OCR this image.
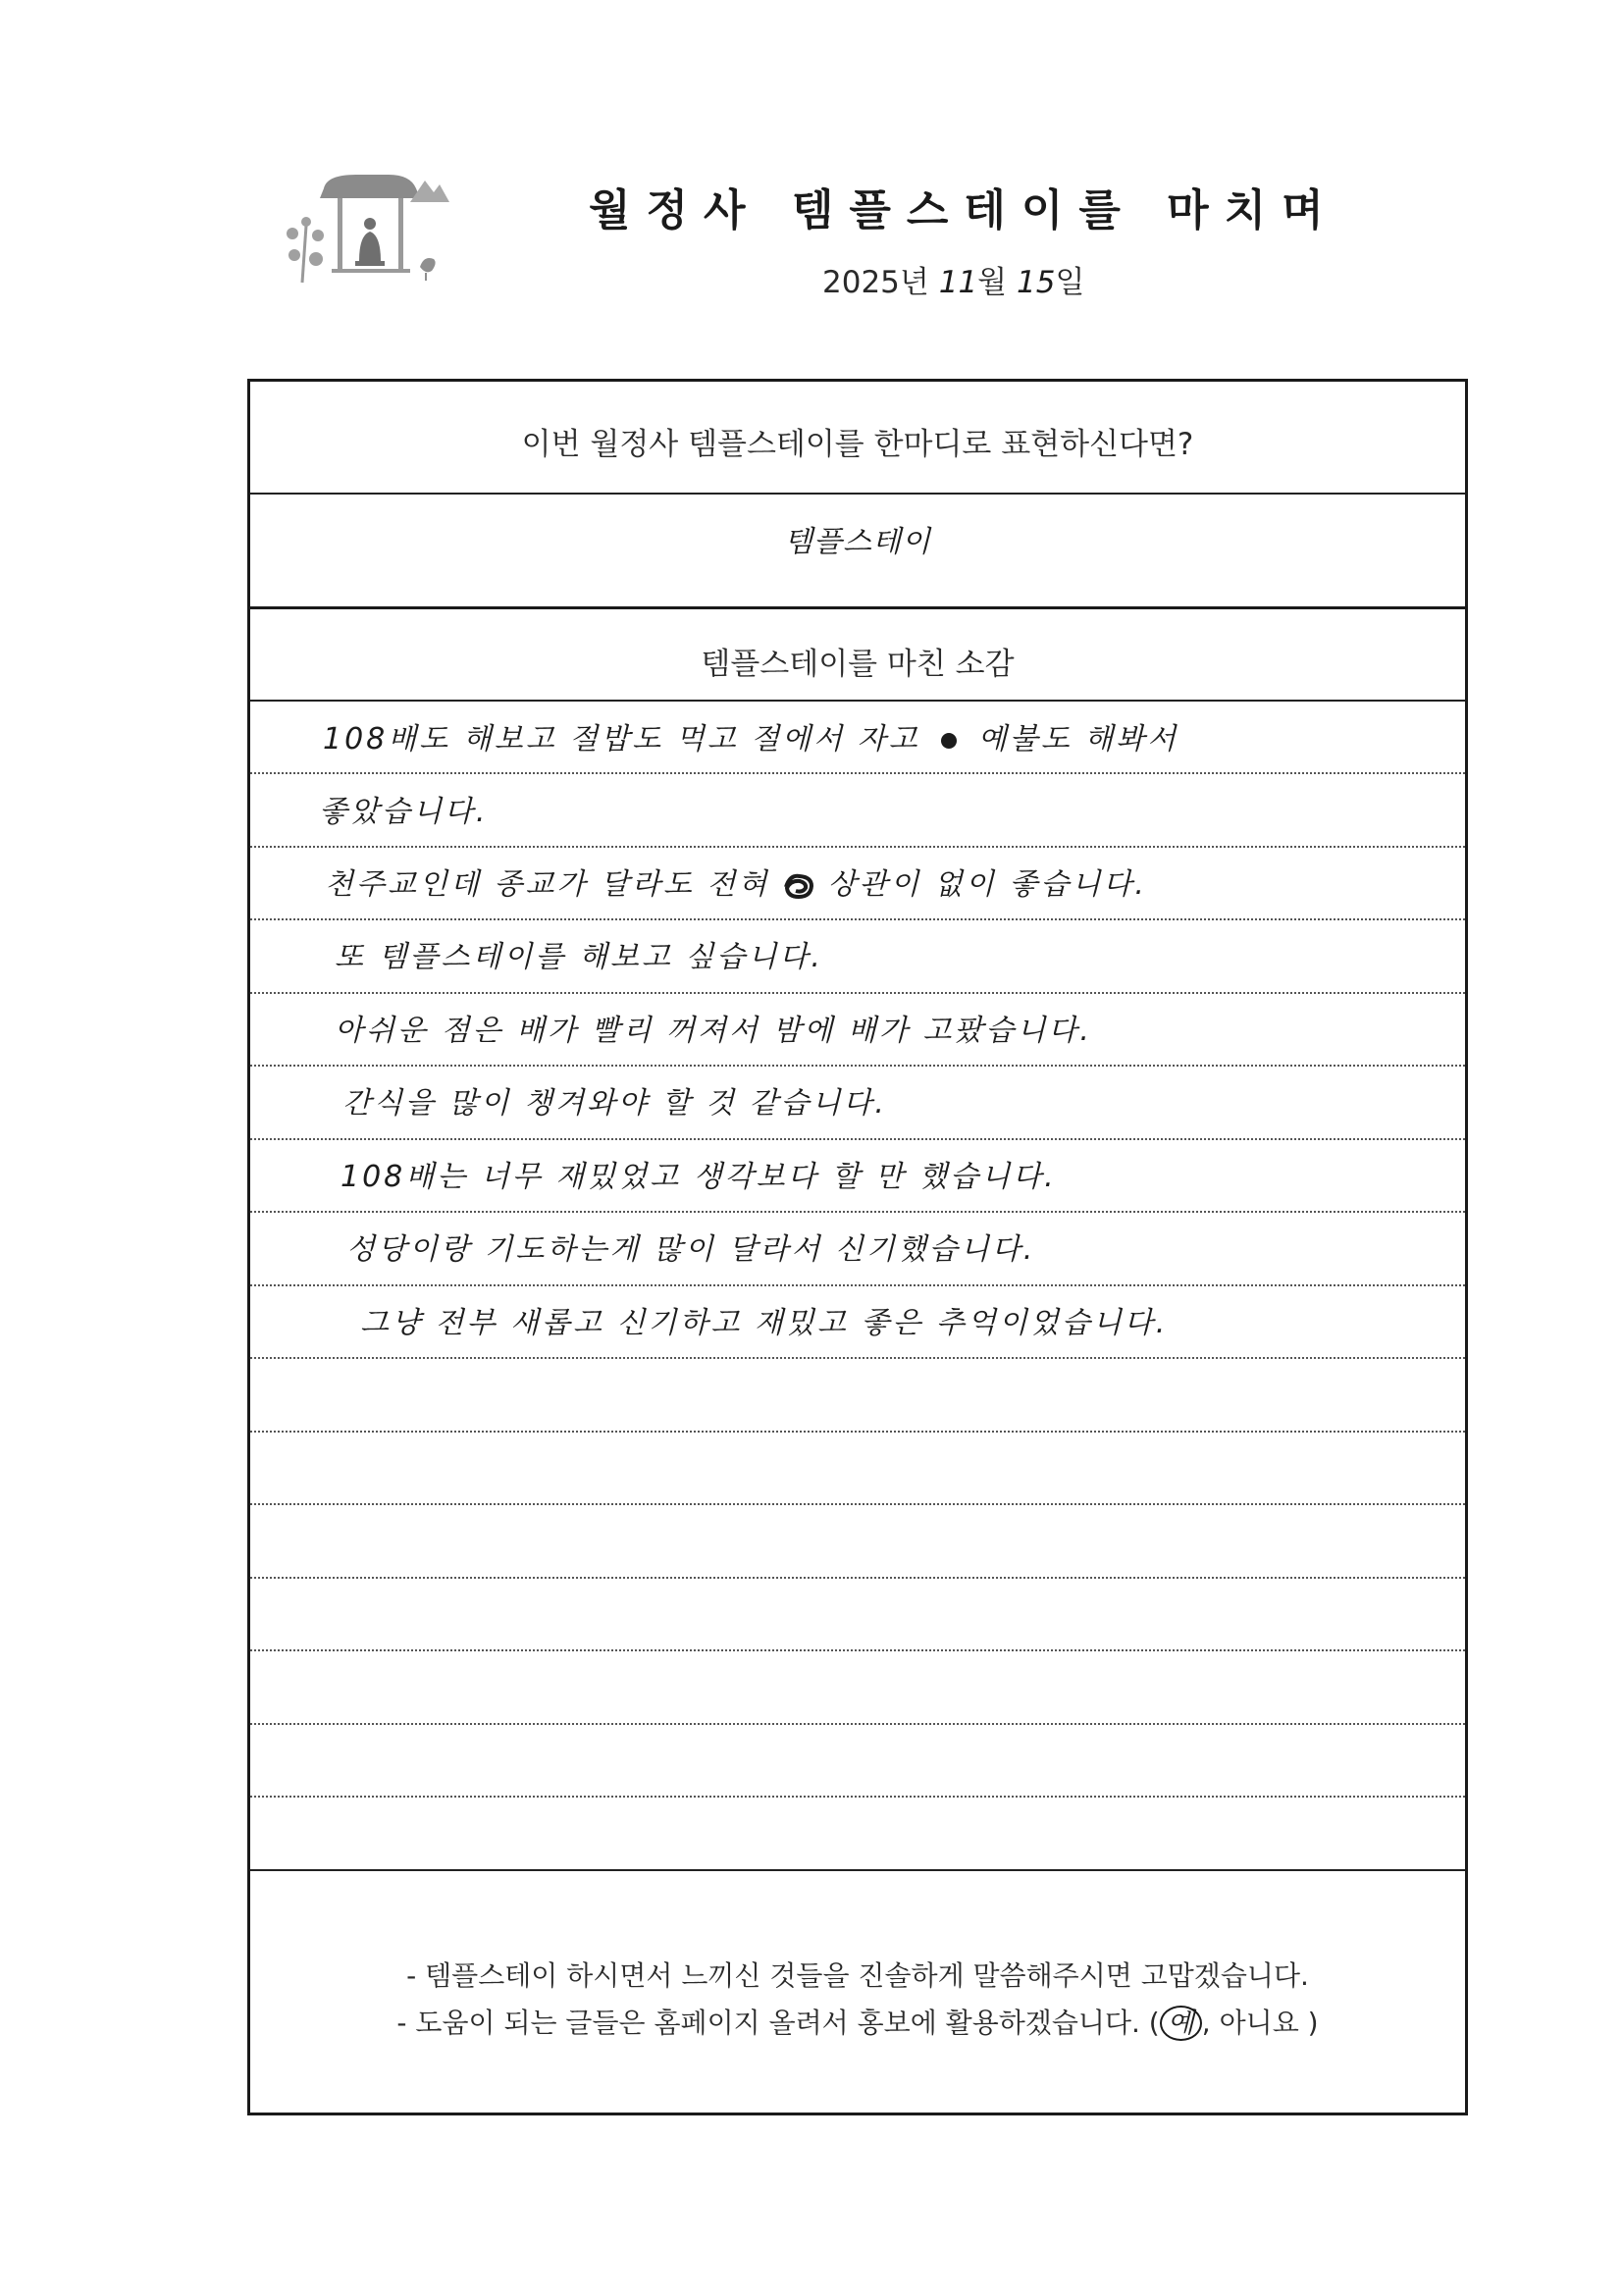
월정사 템플스테이를 마치며
2025년 11월 15일
이번 월정사 템플스테이를 한마디로 표현하신다면?
템플스테이
템플스테이를 마친 소감
108배도 해보고 절밥도 먹고 절에서 자고 예불도 해봐서
좋았습니다.
천주교인데 종교가 달라도 전혀 상관이 없이 좋습니다.
또 템플스테이를 해보고 싶습니다.
아쉬운 점은 배가 빨리 꺼져서 밤에 배가 고팠습니다.
간식을 많이 챙겨와야 할 것 같습니다.
108배는 너무 재밌었고 생각보다 할 만 했습니다.
성당이랑 기도하는게 많이 달라서 신기했습니다.
그냥 전부 새롭고 신기하고 재밌고 좋은 추억이었습니다.
- 템플스테이 하시면서 느끼신 것들을 진솔하게 말씀해주시면 고맙겠습니다.
- 도움이 되는 글들은 홈페이지 올려서 홍보에 활용하겠습니다. ( 예 , 아니요 )
